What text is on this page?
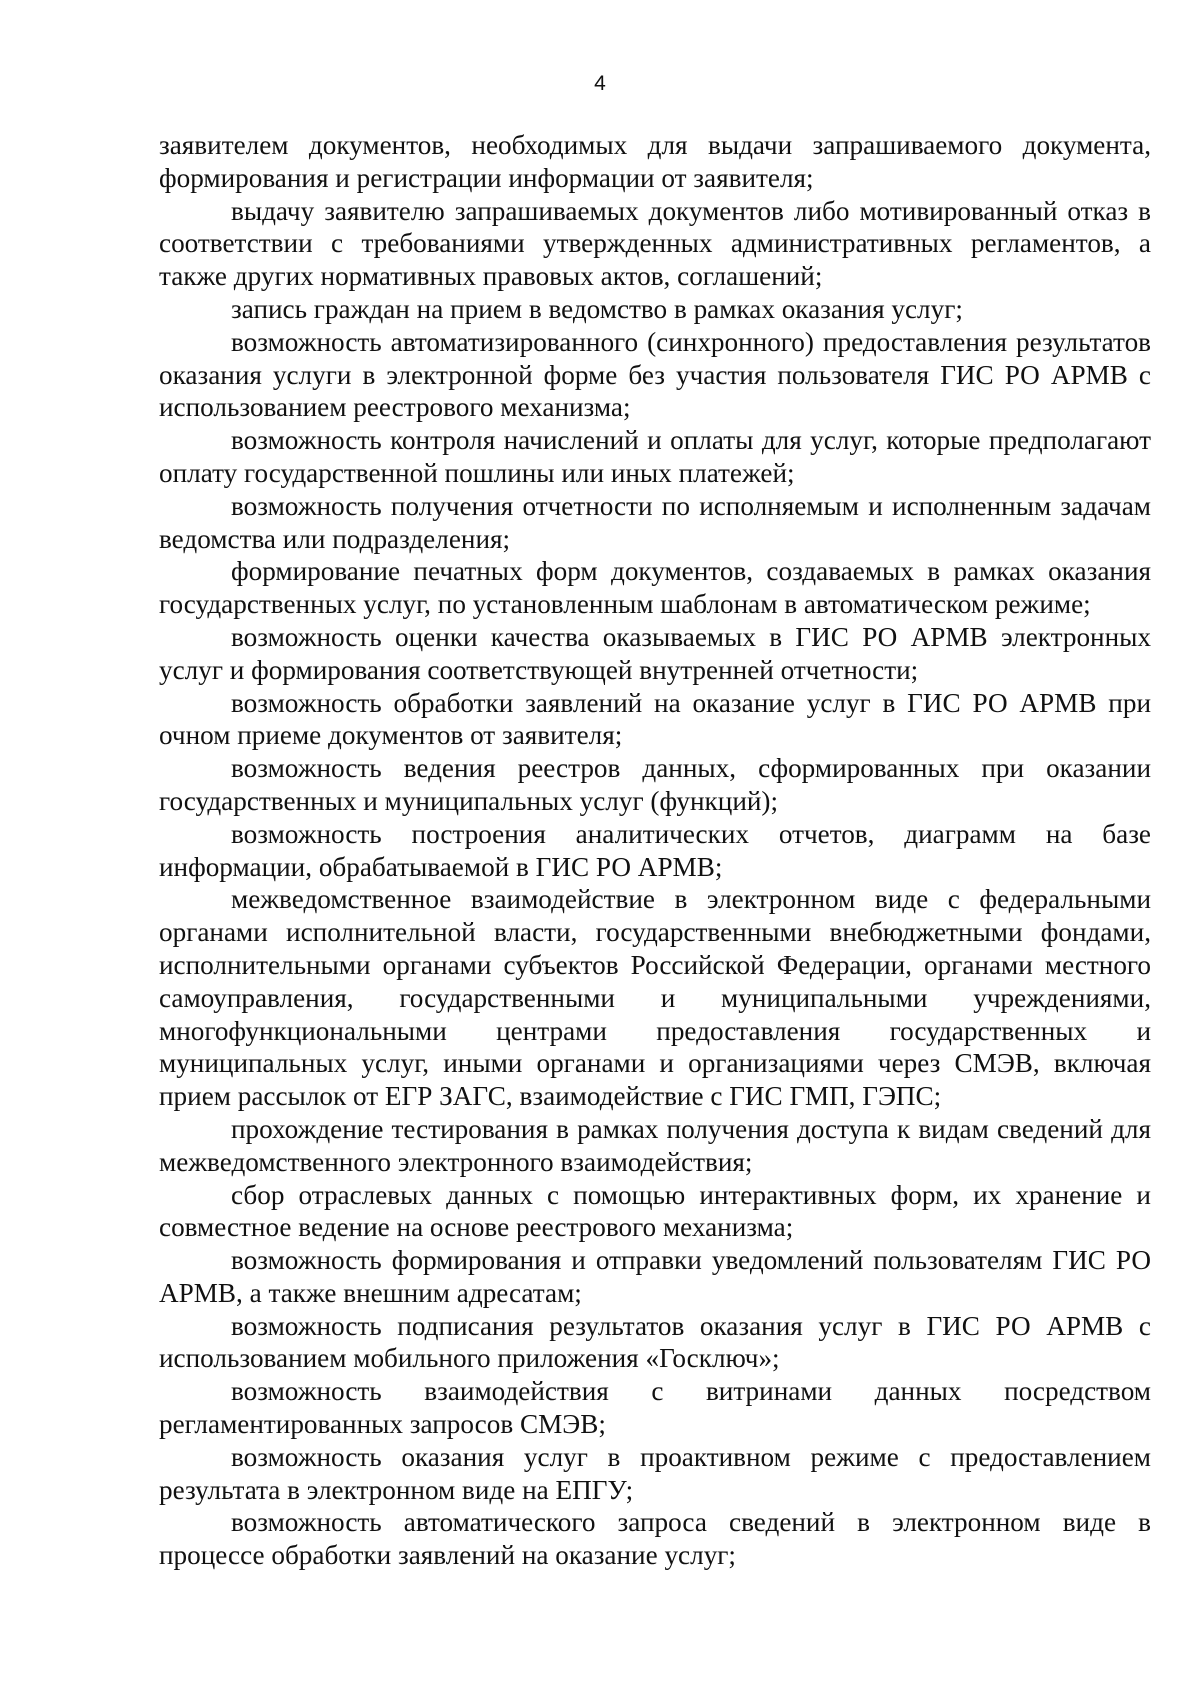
4

заявителем документов, необходимых для выдачи запрашиваемого документа, формирования и регистрации информации от заявителя;

выдачу заявителю запрашиваемых документов либо мотивированный отказ в соответствии с требованиями утвержденных административных регламентов, а также других нормативных правовых актов, соглашений;

запись граждан на прием в ведомство в рамках оказания услуг;

возможность автоматизированного (синхронного) предоставления результатов оказания услуги в электронной форме без участия пользователя ГИС РО АРМВ с использованием реестрового механизма;

возможность контроля начислений и оплаты для услуг, которые предполагают оплату государственной пошлины или иных платежей;

возможность получения отчетности по исполняемым и исполненным задачам ведомства или подразделения;

формирование печатных форм документов, создаваемых в рамках оказания государственных услуг, по установленным шаблонам в автоматическом режиме;

возможность оценки качества оказываемых в ГИС РО АРМВ электронных услуг и формирования соответствующей внутренней отчетности;

возможность обработки заявлений на оказание услуг в ГИС РО АРМВ при очном приеме документов от заявителя;

возможность ведения реестров данных, сформированных при оказании государственных и муниципальных услуг (функций);

возможность построения аналитических отчетов, диаграмм на базе информации, обрабатываемой в ГИС РО АРМВ;

межведомственное взаимодействие в электронном виде с федеральными органами исполнительной власти, государственными внебюджетными фондами, исполнительными органами субъектов Российской Федерации, органами местного самоуправления, государственными и муниципальными учреждениями, многофункциональными центрами предоставления государственных и муниципальных услуг, иными органами и организациями через СМЭВ, включая прием рассылок от ЕГР ЗАГС, взаимодействие с ГИС ГМП, ГЭПС;

прохождение тестирования в рамках получения доступа к видам сведений для межведомственного электронного взаимодействия;

сбор отраслевых данных с помощью интерактивных форм, их хранение и совместное ведение на основе реестрового механизма;

возможность формирования и отправки уведомлений пользователям ГИС РО АРМВ, а также внешним адресатам;

возможность подписания результатов оказания услуг в ГИС РО АРМВ с использованием мобильного приложения «Госключ»;

возможность взаимодействия с витринами данных посредством регламентированных запросов СМЭВ;

возможность оказания услуг в проактивном режиме с предоставлением результата в электронном виде на ЕПГУ;

возможность автоматического запроса сведений в электронном виде в процессе обработки заявлений на оказание услуг;
